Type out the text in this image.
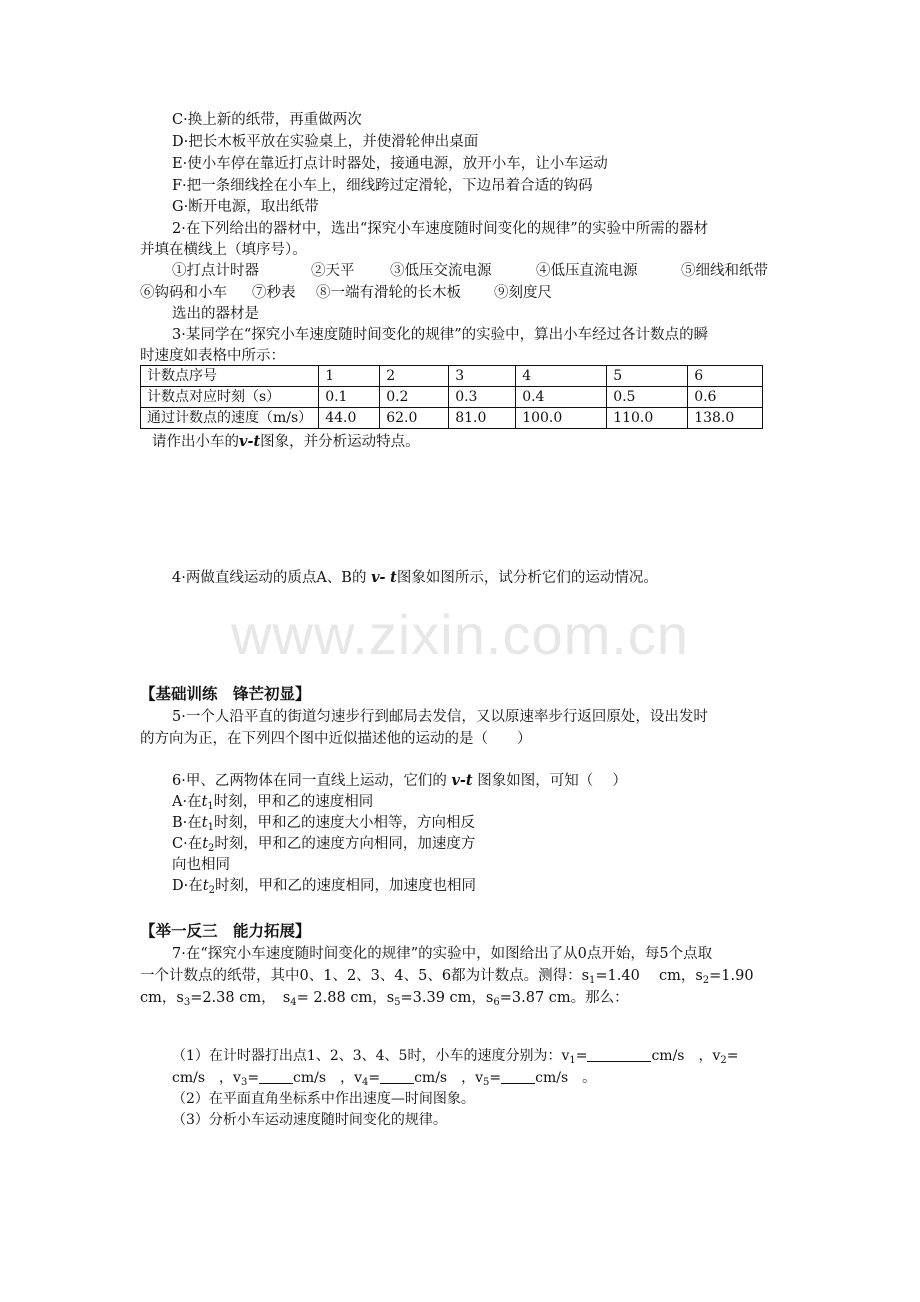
C·换上新的纸带，再重做两次
D·把长木板平放在实验桌上，并使滑轮伸出桌面
E·使小车停在靠近打点计时器处，接通电源，放开小车，让小车运动
F·把一条细线拴在小车上，细线跨过定滑轮，下边吊着合适的钩码
G·断开电源，取出纸带
2·在下列给出的器材中，选出“探究小车速度随时间变化的规律”的实验中所需的器材
并填在横线上（填序号）。
①打点计时器	②天平 ③低压交流电源	④低压直流电源	⑤细线和纸带
⑥钩码和小车 ⑦秒表 ⑧一端有滑轮的长木板 ⑨刻度尺
选出的器材是
3·某同学在“探究小车速度随时间变化的规律”的实验中，算出小车经过各计数点的瞬
时速度如表格中所示：
计数点序号	1	2	3	4	5	6
计数点对应时刻（s）	0.1	0.2	0.3	0.4	0.5	0.6
通过计数点的速度（m/s）	44.0	62.0	81.0	100.0	110.0	138.0
请作出小车的v-t图象，并分析运动特点。
4·两做直线运动的质点A、B的 v- t图象如图所示，试分析它们的运动情况。
www.zixin.com.cn
【基础训练　锋芒初显】
5·一个人沿平直的街道匀速步行到邮局去发信，又以原速率步行返回原处，设出发时
的方向为正，在下列四个图中近似描述他的运动的是（　　）
6·甲、乙两物体在同一直线上运动，它们的 v-t 图象如图，可知（　 ）
A·在$t_1$时刻，甲和乙的速度相同
B·在$t_1$时刻，甲和乙的速度大小相等，方向相反
C·在$t_2$时刻，甲和乙的速度方向相同，加速度方
向也相同
D·在$t_2$时刻，甲和乙的速度相同，加速度也相同
【举一反三　能力拓展】
7·在“探究小车速度随时间变化的规律”的实验中，如图给出了从0点开始，每5个点取
一个计数点的纸带，其中0、1、2、3、4、5、6都为计数点。测得：$s_1=1.40$　 cm，$s_2=1.90$
cm，$s_3=2.38$ cm，　$s_4= 2.88$ cm，$s_5=3.39$ cm，$s_6=3.87$ cm。那么：
（1）在计时器打出点1、2、3、4、5时，小车的速度分别为：$v_1=$	cm/s　，$v_2=$
cm/s　，$v_3= cm/s$　，$v_4= cm/s$　，$v_5= cm/s$　。
（2）在平面直角坐标系中作出速度—时间图象。
（3）分析小车运动速度随时间变化的规律。
